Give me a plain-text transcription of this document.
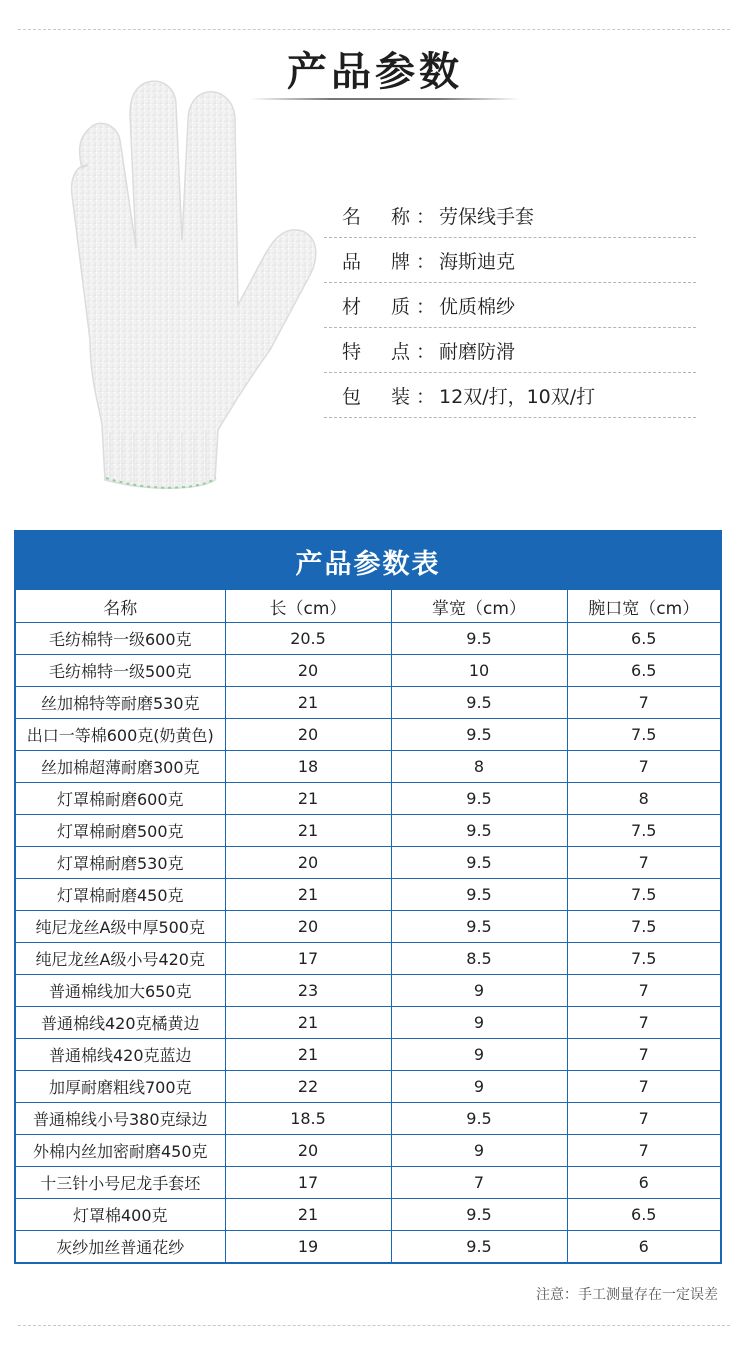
产品参数
名 称 ： 劳保线手套
品 牌 ： 海斯迪克
材 质 ： 优质棉纱
特 点 ： 耐磨防滑
包 装 ： 12双/打，10双/打
产品参数表
名称	长（cm）	掌宽（cm）	腕口宽（cm）
毛纺棉特一级600克	20.5	9.5	6.5
毛纺棉特一级500克	20	10	6.5
丝加棉特等耐磨530克	21	9.5	7
出口一等棉600克(奶黄色)	20	9.5	7.5
丝加棉超薄耐磨300克	18	8	7
灯罩棉耐磨600克	21	9.5	8
灯罩棉耐磨500克	21	9.5	7.5
灯罩棉耐磨530克	20	9.5	7
灯罩棉耐磨450克	21	9.5	7.5
纯尼龙丝A级中厚500克	20	9.5	7.5
纯尼龙丝A级小号420克	17	8.5	7.5
普通棉线加大650克	23	9	7
普通棉线420克橘黄边	21	9	7
普通棉线420克蓝边	21	9	7
加厚耐磨粗线700克	22	9	7
普通棉线小号380克绿边	18.5	9.5	7
外棉内丝加密耐磨450克	20	9	7
十三针小号尼龙手套坯	17	7	6
灯罩棉400克	21	9.5	6.5
灰纱加丝普通花纱	19	9.5	6
注意：手工测量存在一定误差
